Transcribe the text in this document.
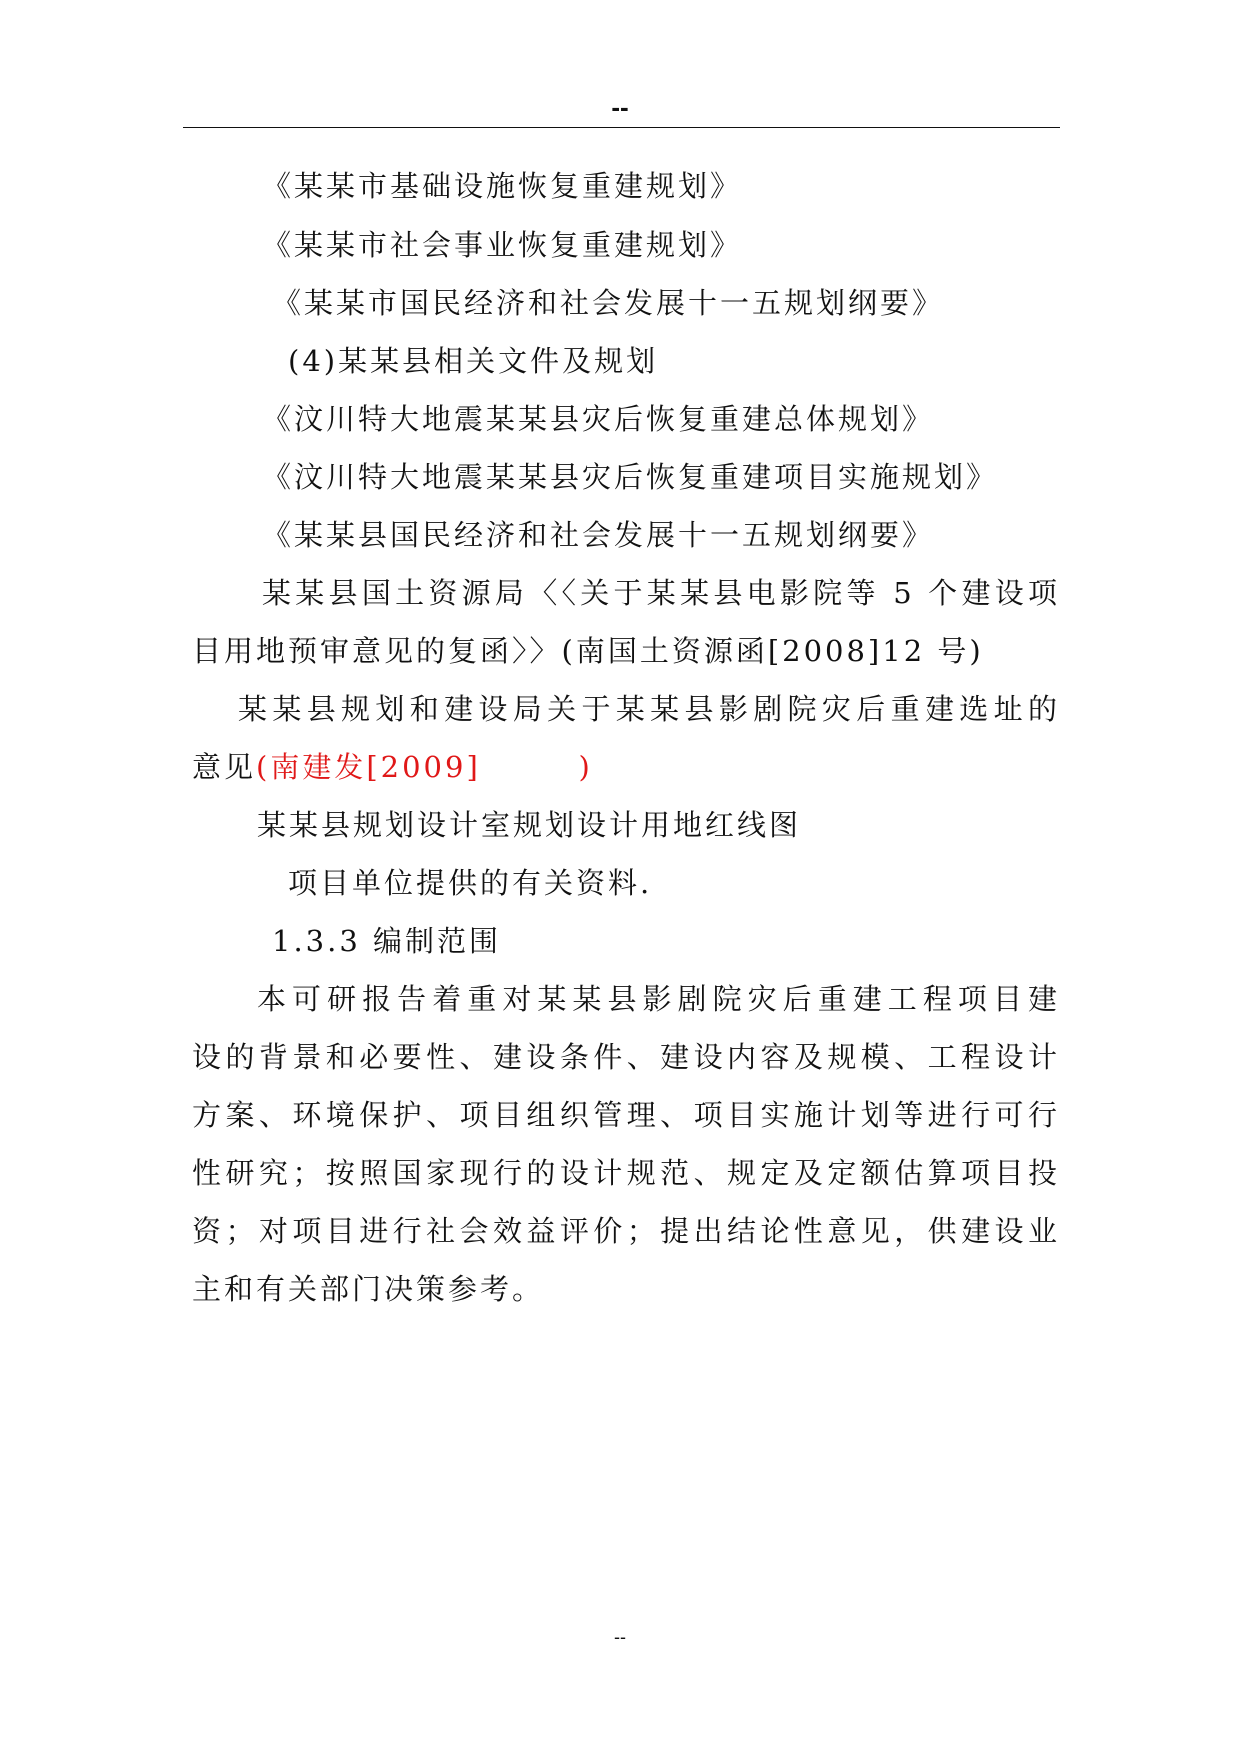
--
《某某市基础设施恢复重建规划》
《某某市社会事业恢复重建规划》
《某某市国民经济和社会发展十一五规划纲要》
(4)某某县相关文件及规划
《汶川特大地震某某县灾后恢复重建总体规划》
《汶川特大地震某某县灾后恢复重建项目实施规划》
《某某县国民经济和社会发展十一五规划纲要》
某某县国土资源局〈〈关于某某县电影院等 5 个建设项
目用地预审意见的复函〉〉(南国土资源函[2008]12 号)
某某县规划和建设局关于某某县影剧院灾后重建选址的
意见(南建发[2009]        )
某某县规划设计室规划设计用地红线图
项目单位提供的有关资料.
1.3.3 编制范围
本可研报告着重对某某县影剧院灾后重建工程项目建
设的背景和必要性、建设条件、建设内容及规模、工程设计
方案、环境保护、项目组织管理、项目实施计划等进行可行
性研究；按照国家现行的设计规范、规定及定额估算项目投
资；对项目进行社会效益评价；提出结论性意见，供建设业
主和有关部门决策参考。
--
